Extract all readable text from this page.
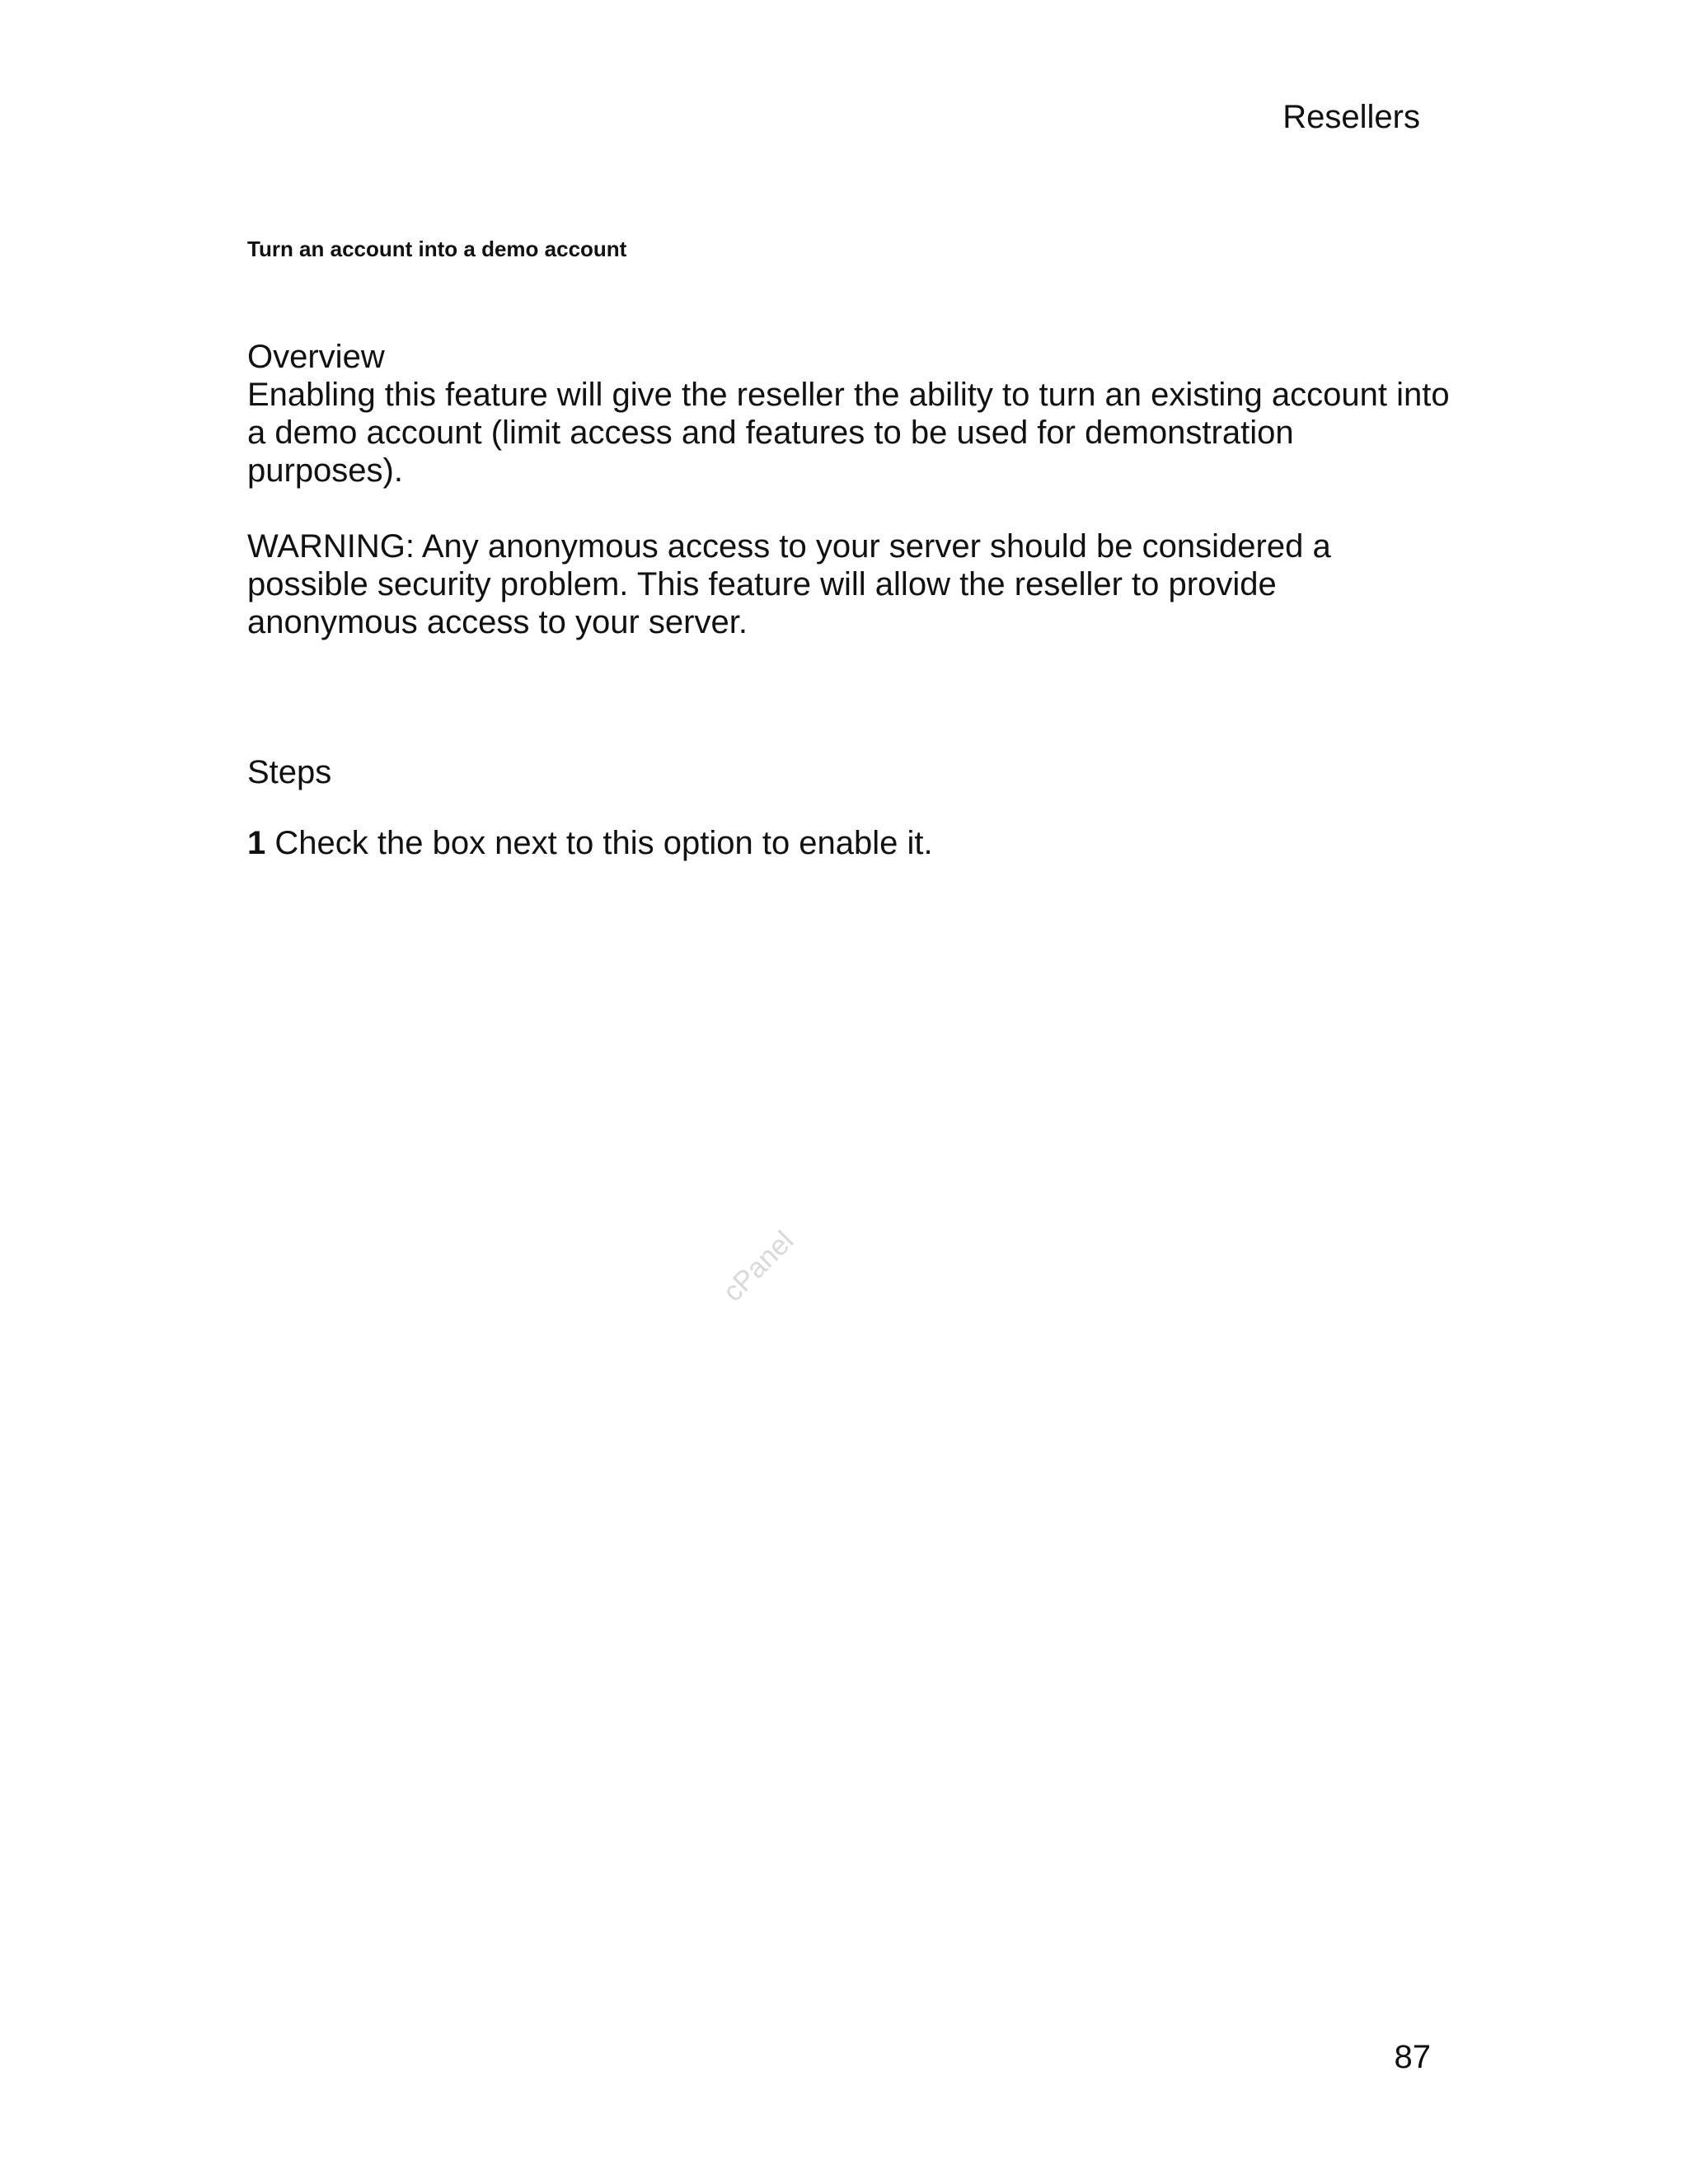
Resellers
Turn an account into a demo account
Overview

Enabling this feature will give the reseller the ability to turn an existing account into a demo account (limit access and features to be used for demonstration purposes).

WARNING: Any anonymous access to your server should be considered a possible security problem. This feature will allow the reseller to provide anonymous access to your server.

Steps
1 Check the box next to this option to enable it.
cPanel
87
